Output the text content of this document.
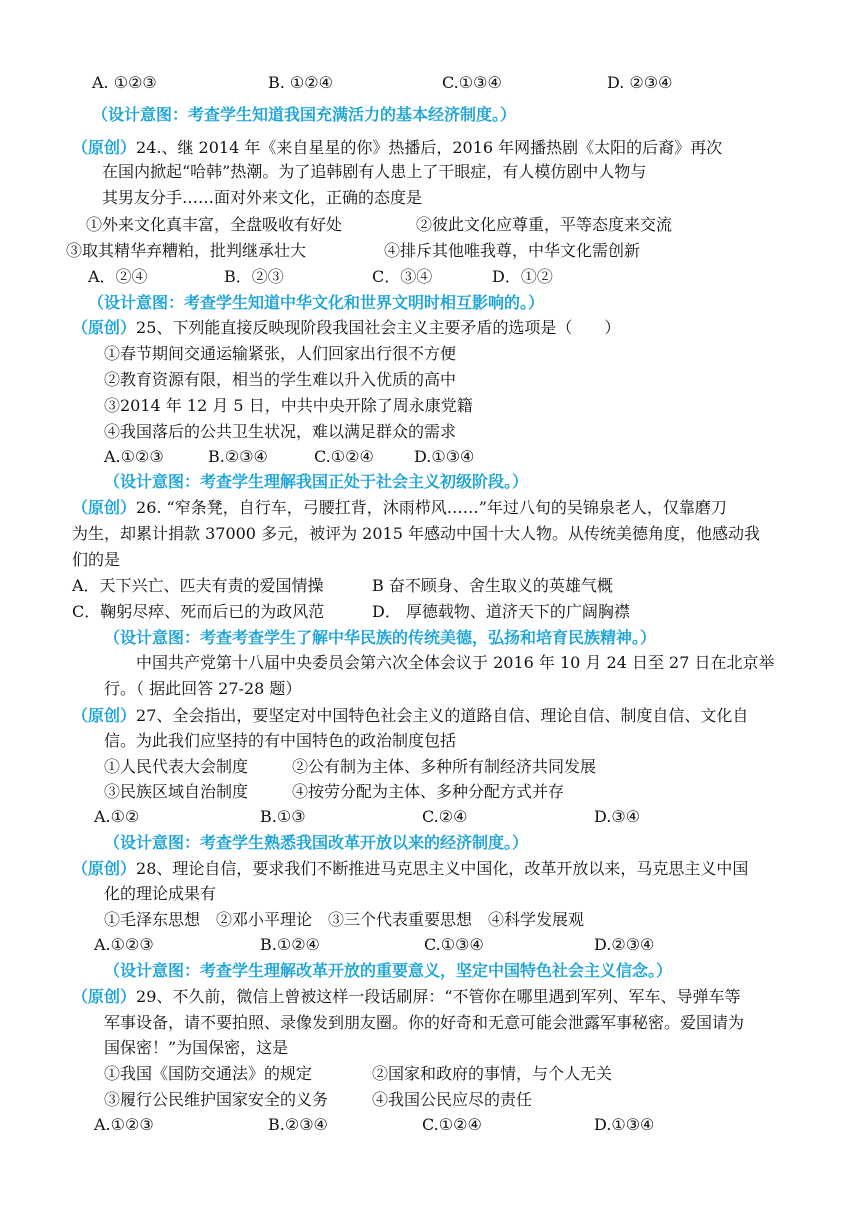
A. ①②③	B. ①②④	C.①③④	D. ②③④
（设计意图：考查学生知道我国充满活力的基本经济制度。）
（原创）24.、继 2014 年《来自星星的你》热播后，2016 年网播热剧《太阳的后裔》再次
在国内掀起“哈韩”热潮。为了追韩剧有人患上了干眼症，有人模仿剧中人物与
其男友分手……面对外来文化，正确的态度是
①外来文化真丰富，全盘吸收有好处	②彼此文化应尊重，平等态度来交流
③取其精华弃糟粕，批判继承壮大	④排斥其他唯我尊，中华文化需创新
A．②④	B．②③	C．③④	D．①②
（设计意图：考查学生知道中华文化和世界文明时相互影响的。）
（原创）25、下列能直接反映现阶段我国社会主义主要矛盾的选项是（　　）
①春节期间交通运输紧张，人们回家出行很不方便
②教育资源有限，相当的学生难以升入优质的高中
③2014 年 12 月 5 日，中共中央开除了周永康党籍
④我国落后的公共卫生状况，难以满足群众的需求
A.①②③	B.②③④	C.①②④	D.①③④
（设计意图：考查学生理解我国正处于社会主义初级阶段。）
（原创）26. “窄条凳，自行车，弓腰扛背，沐雨栉风……”年过八旬的吴锦泉老人，仅靠磨刀
为生，却累计捐款 37000 多元，被评为 2015 年感动中国十大人物。从传统美德角度，他感动我
们的是
A．天下兴亡、匹夫有责的爱国情操	B 奋不顾身、舍生取义的英雄气概
C．鞠躬尽瘁、死而后已的为政风范	D． 厚德载物、道济天下的广阔胸襟
（设计意图：考查考查学生了解中华民族的传统美德，弘扬和培育民族精神。）
中国共产党第十八届中央委员会第六次全体会议于 2016 年 10 月 24 日至 27 日在北京举
行。（ 据此回答 27-28 题）
（原创）27、全会指出，要坚定对中国特色社会主义的道路自信、理论自信、制度自信、文化自
信。为此我们应坚持的有中国特色的政治制度包括
①人民代表大会制度	②公有制为主体、多种所有制经济共同发展
③民族区域自治制度	④按劳分配为主体、多种分配方式并存
A.①②	B.①③	C.②④	D.③④
（设计意图：考查学生熟悉我国改革开放以来的经济制度。）
（原创）28、理论自信，要求我们不断推进马克思主义中国化，改革开放以来，马克思主义中国
化的理论成果有
①毛泽东思想　②邓小平理论　③三个代表重要思想　④科学发展观
A.①②③	B.①②④	C.①③④	D.②③④
（设计意图：考查学生理解改革开放的重要意义，坚定中国特色社会主义信念。）
（原创）29、不久前，微信上曾被这样一段话刷屏：“不管你在哪里遇到军列、军车、导弹车等
军事设备，请不要拍照、录像发到朋友圈。你的好奇和无意可能会泄露军事秘密。爱国请为
国保密！”为国保密，这是
①我国《国防交通法》的规定	②国家和政府的事情，与个人无关
③履行公民维护国家安全的义务	④我国公民应尽的责任
A.①②③	B.②③④	C.①②④	D.①③④
